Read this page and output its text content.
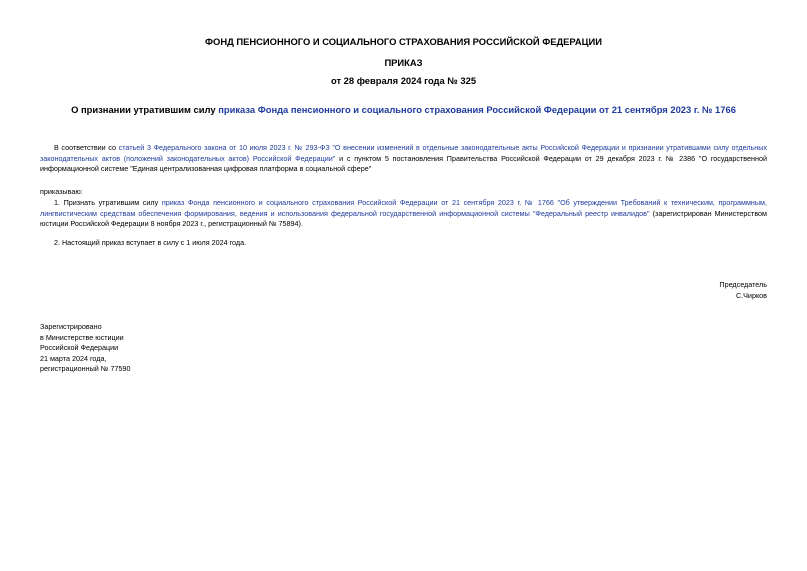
ФОНД ПЕНСИОННОГО И СОЦИАЛЬНОГО СТРАХОВАНИЯ РОССИЙСКОЙ ФЕДЕРАЦИИ
ПРИКАЗ
от 28 февраля 2024 года № 325
О признании утратившим силу приказа Фонда пенсионного и социального страхования Российской Федерации от 21 сентября 2023 г. № 1766
В соответствии со статьей 3 Федерального закона от 10 июля 2023 г. № 293-ФЗ "О внесении изменений в отдельные законодательные акты Российской Федерации и признании утратившими силу отдельных законодательных актов (положений законодательных актов) Российской Федерации" и с пунктом 5 постановления Правительства Российской Федерации от 29 декабря 2023 г. № 2386 "О государственной информационной системе "Единая централизованная цифровая платформа в социальной сфере"
приказываю:
1. Признать утратившим силу приказ Фонда пенсионного и социального страхования Российской Федерации от 21 сентября 2023 г. № 1766 "Об утверждении Требований к техническим, программным, лингвистическим средствам обеспечения формирования, ведения и использования федеральной государственной информационной системы "Федеральный реестр инвалидов" (зарегистрирован Министерством юстиции Российской Федерации 8 ноября 2023 г., регистрационный № 75894).
2. Настоящий приказ вступает в силу с 1 июля 2024 года.
Председатель
С.Чирков
Зарегистрировано
в Министерстве юстиции
Российской Федерации
21 марта 2024 года,
регистрационный № 77590
